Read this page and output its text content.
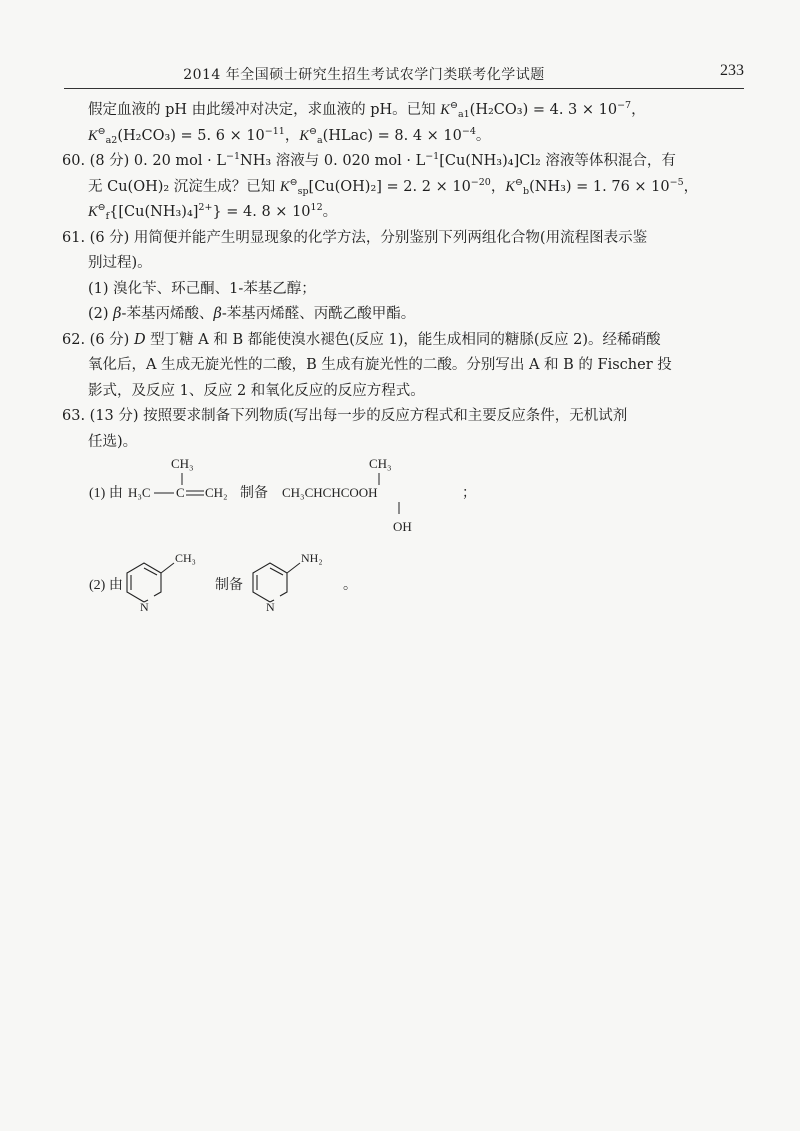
2014 年全国硕士研究生招生考试农学门类联考化学试题	233
假定血液的 pH 由此缓冲对决定，求血液的 pH。已知 $K^⊖_{a1}(H_2CO_3) = 4$. $3 \times 10^{-7}$，
$K^⊖_{a2}(H_2CO_3) = 5$. $6 \times 10^{-11}$，$K^⊖_a(HLac) = 8$. $4 \times 10^{-4}$。
60. (8 分) 0. 20 mol · $L^{-1}NH_3$ 溶液与 0. 020 mol · $L^{-1}[Cu(NH_3)_4]Cl_2$ 溶液等体积混合，有
无 Cu(OH)₂ 沉淀生成？已知 $K^⊖_{sp}[Cu(OH)_2] = 2$. $2 \times 10^{-20}$，$K^⊖_b(NH_3) = 1$. $76 \times 10^{-5}$，
$K^⊖_f\{[Cu(NH_3)_4]^{2+}\} = 4$. $8 \times 10^{12}$。
61. (6 分) 用简便并能产生明显现象的化学方法，分别鉴别下列两组化合物(用流程图表示鉴
别过程)。
(1) 溴化苄、环己酮、1-苯基乙醇；
(2) β-苯基丙烯酸、β-苯基丙烯醛、丙酰乙酸甲酯。
62. (6 分) D 型丁糖 A 和 B 都能使溴水褪色(反应 1)，能生成相同的糖脎(反应 2)。经稀硝酸
氧化后，A 生成无旋光性的二酸，B 生成有旋光性的二酸。分别写出 A 和 B 的 Fischer 投
影式，及反应 1、反应 2 和氧化反应的反应方程式。
63. (13 分) 按照要求制备下列物质(写出每一步的反应方程式和主要反应条件，无机试剂
任选)。
(1) 由
CH₃
H₃C C CH₂ 制备
CH₃
CH₃CHCHCOOH
OH
；
(2) 由
N
CH₃
制备
N
NH₂
。
